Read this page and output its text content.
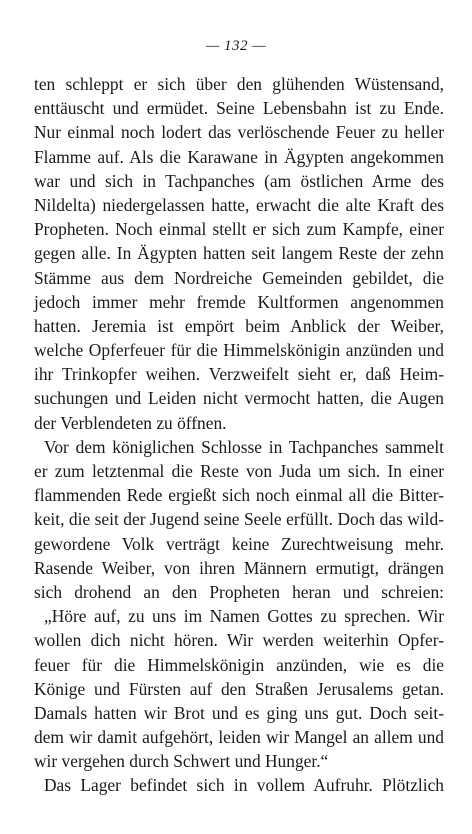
— 132 —
ten schleppt er sich über den glühenden Wüstensand,
enttäuscht und ermüdet. Seine Lebensbahn ist zu Ende.
Nur einmal noch lodert das verlöschende Feuer zu heller
Flamme auf. Als die Karawane in Ägypten angekommen
war und sich in Tachpanches (am östlichen Arme des
Nildelta) niedergelassen hatte, erwacht die alte Kraft des
Propheten. Noch einmal stellt er sich zum Kampfe, einer
gegen alle. In Ägypten hatten seit langem Reste der zehn
Stämme aus dem Nordreiche Gemeinden gebildet, die
jedoch immer mehr fremde Kultformen angenommen
hatten. Jeremia ist empört beim Anblick der Weiber,
welche Opferfeuer für die Himmelskönigin anzünden und
ihr Trinkopfer weihen. Verzweifelt sieht er, daß Heim-
suchungen und Leiden nicht vermocht hatten, die Augen
der Verblendeten zu öffnen.
Vor dem königlichen Schlosse in Tachpanches sammelt
er zum letztenmal die Reste von Juda um sich. In einer
flammenden Rede ergießt sich noch einmal all die Bitter-
keit, die seit der Jugend seine Seele erfüllt. Doch das wild-
gewordene Volk verträgt keine Zurechtweisung mehr.
Rasende Weiber, von ihren Männern ermutigt, drängen
sich drohend an den Propheten heran und schreien:
„Höre auf, zu uns im Namen Gottes zu sprechen. Wir
wollen dich nicht hören. Wir werden weiterhin Opfer-
feuer für die Himmelskönigin anzünden, wie es die
Könige und Fürsten auf den Straßen Jerusalems getan.
Damals hatten wir Brot und es ging uns gut. Doch seit-
dem wir damit aufgehört, leiden wir Mangel an allem und
wir vergehen durch Schwert und Hunger.“
Das Lager befindet sich in vollem Aufruhr. Plötzlich
